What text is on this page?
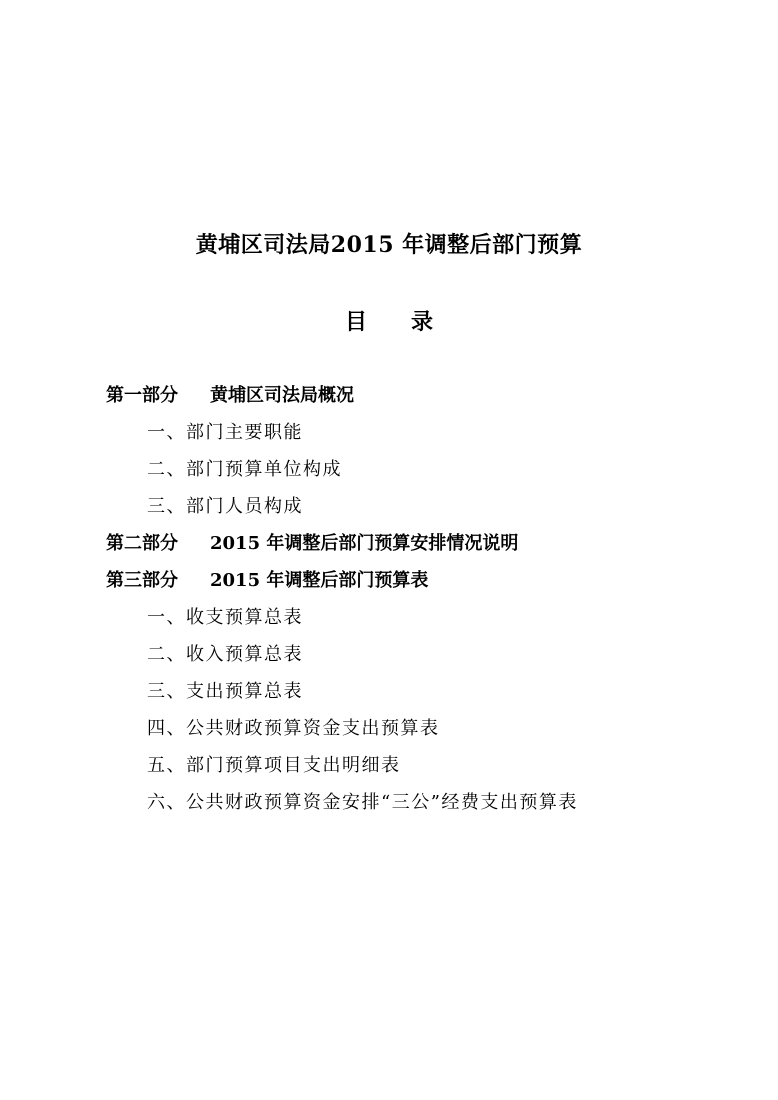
黄埔区司法局2015 年调整后部门预算
目 录
第一部分 黄埔区司法局概况
一、部门主要职能
二、部门预算单位构成
三、部门人员构成
第二部分 2015 年调整后部门预算安排情况说明
第三部分 2015 年调整后部门预算表
一、收支预算总表
二、收入预算总表
三、支出预算总表
四、公共财政预算资金支出预算表
五、部门预算项目支出明细表
六、公共财政预算资金安排“三公”经费支出预算表
